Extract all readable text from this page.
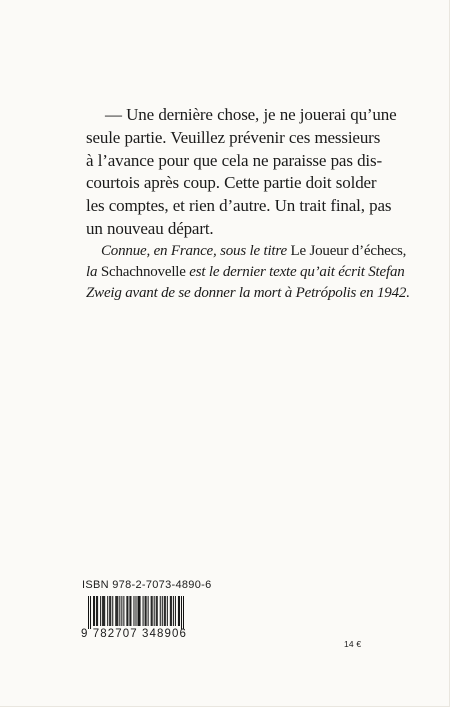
— Une dernière chose, je ne jouerai qu’une
seule partie. Veuillez prévenir ces messieurs
à l’avance pour que cela ne paraisse pas dis-
courtois après coup. Cette partie doit solder
les comptes, et rien d’autre. Un trait final, pas
un nouveau départ.
Connue, en France, sous le titre Le Joueur d’échecs,
la Schachnovelle est le dernier texte qu’ait écrit Stefan
Zweig avant de se donner la mort à Petrópolis en 1942.
ISBN 978-2-7073-4890-6
9 782707 348906
14 €
